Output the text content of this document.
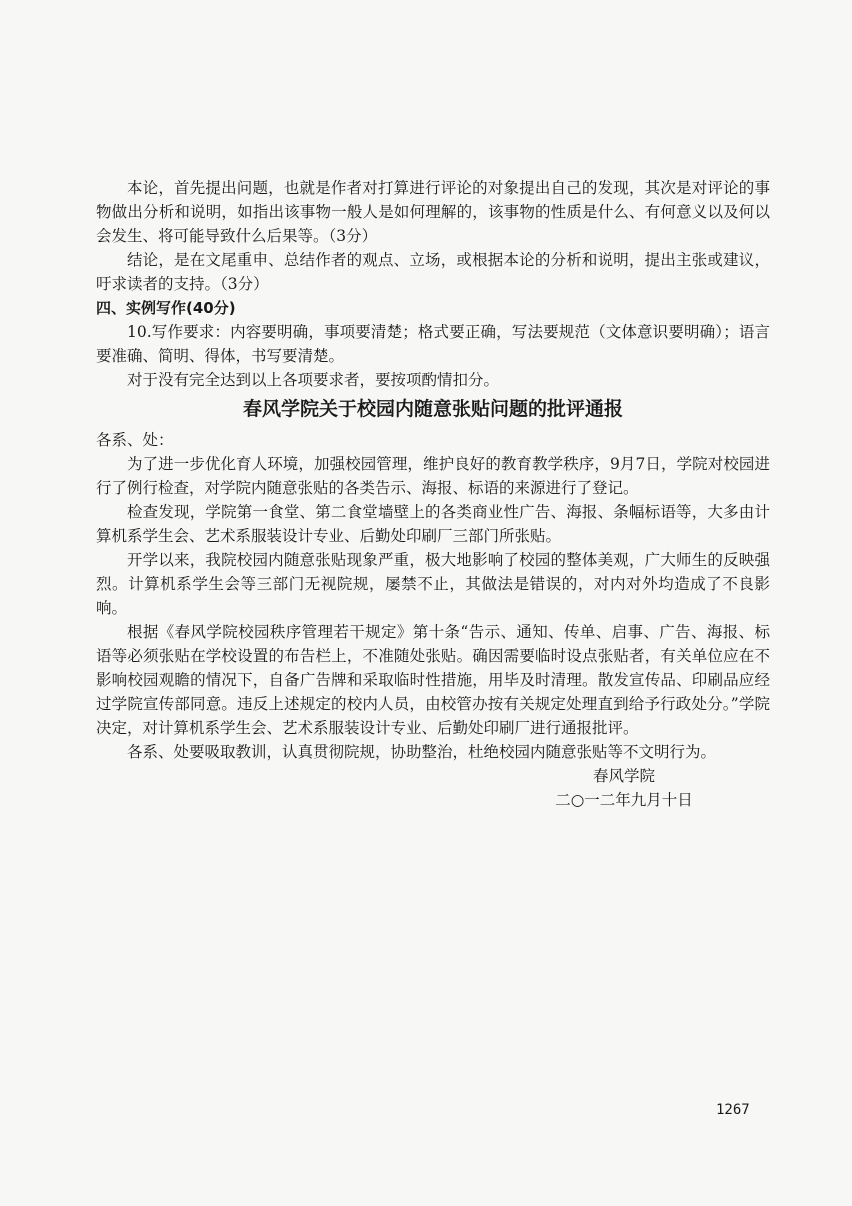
本论，首先提出问题，也就是作者对打算进行评论的对象提出自己的发现，其次是对评论的事物做出分析和说明，如指出该事物一般人是如何理解的，该事物的性质是什么、有何意义以及何以会发生、将可能导致什么后果等。（3分）

结论，是在文尾重申、总结作者的观点、立场，或根据本论的分析和说明，提出主张或建议，吁求读者的支持。（3分）

四、实例写作(40分)

10.写作要求：内容要明确，事项要清楚；格式要正确，写法要规范（文体意识要明确）；语言要准确、简明、得体，书写要清楚。

对于没有完全达到以上各项要求者，要按项酌情扣分。

春风学院关于校园内随意张贴问题的批评通报

各系、处：

为了进一步优化育人环境，加强校园管理，维护良好的教育教学秩序，9月7日，学院对校园进行了例行检查，对学院内随意张贴的各类告示、海报、标语的来源进行了登记。

检查发现，学院第一食堂、第二食堂墙壁上的各类商业性广告、海报、条幅标语等，大多由计算机系学生会、艺术系服装设计专业、后勤处印刷厂三部门所张贴。

开学以来，我院校园内随意张贴现象严重，极大地影响了校园的整体美观，广大师生的反映强烈。计算机系学生会等三部门无视院规，屡禁不止，其做法是错误的，对内对外均造成了不良影响。

根据《春风学院校园秩序管理若干规定》第十条“告示、通知、传单、启事、广告、海报、标语等必须张贴在学校设置的布告栏上，不准随处张贴。确因需要临时设点张贴者，有关单位应在不影响校园观瞻的情况下，自备广告牌和采取临时性措施，用毕及时清理。散发宣传品、印刷品应经过学院宣传部同意。违反上述规定的校内人员，由校管办按有关规定处理直到给予行政处分。”学院决定，对计算机系学生会、艺术系服装设计专业、后勤处印刷厂进行通报批评。

各系、处要吸取教训，认真贯彻院规，协助整治，杜绝校园内随意张贴等不文明行为。

春风学院

二○一二年九月十日

1267
